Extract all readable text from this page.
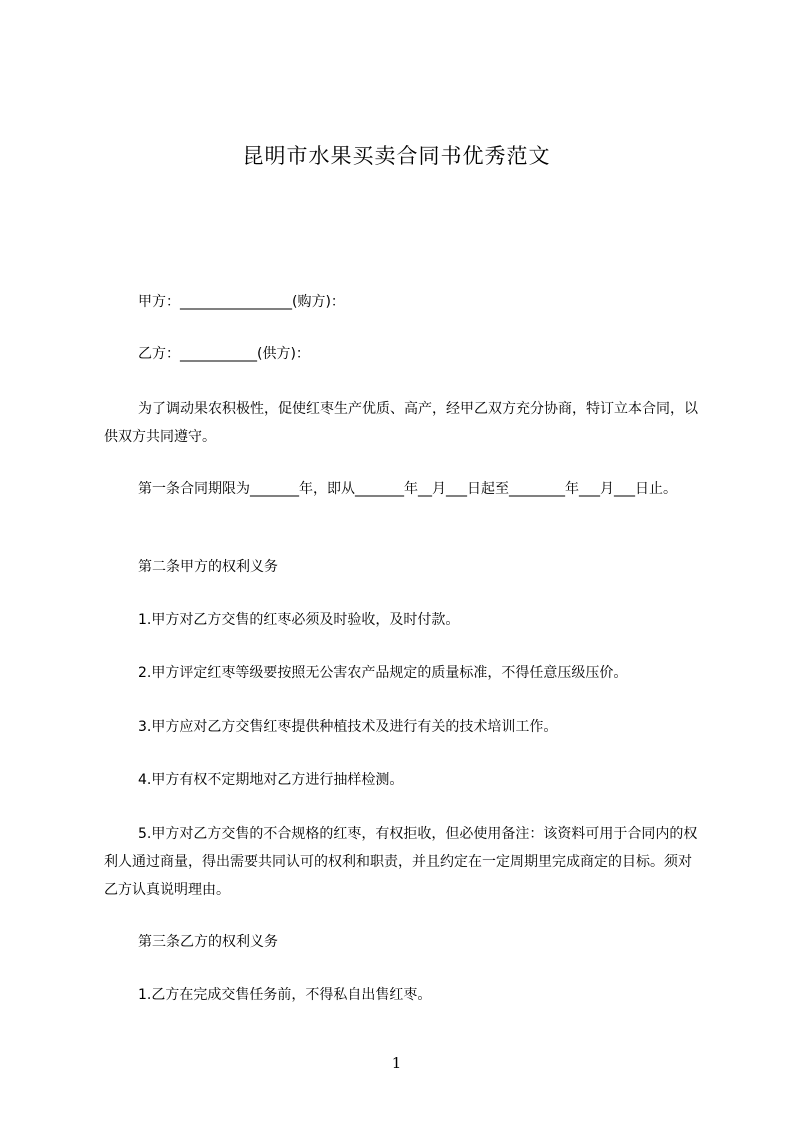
昆明市水果买卖合同书优秀范文

甲方：________________(购方)：

乙方：___________(供方)：

为了调动果农积极性，促使红枣生产优质、高产，经甲乙双方充分协商，特订立本合同，以供双方共同遵守。

第一条合同期限为_______年，即从_______年__月___日起至________年___月___日止。

第二条甲方的权利义务

1.甲方对乙方交售的红枣必须及时验收，及时付款。

2.甲方评定红枣等级要按照无公害农产品规定的质量标准，不得任意压级压价。

3.甲方应对乙方交售红枣提供种植技术及进行有关的技术培训工作。

4.甲方有权不定期地对乙方进行抽样检测。

5.甲方对乙方交售的不合规格的红枣，有权拒收，但必使用备注：该资料可用于合同内的权利人通过商量，得出需要共同认可的权利和职责，并且约定在一定周期里完成商定的目标。须对乙方认真说明理由。

第三条乙方的权利义务

1.乙方在完成交售任务前，不得私自出售红枣。

1
